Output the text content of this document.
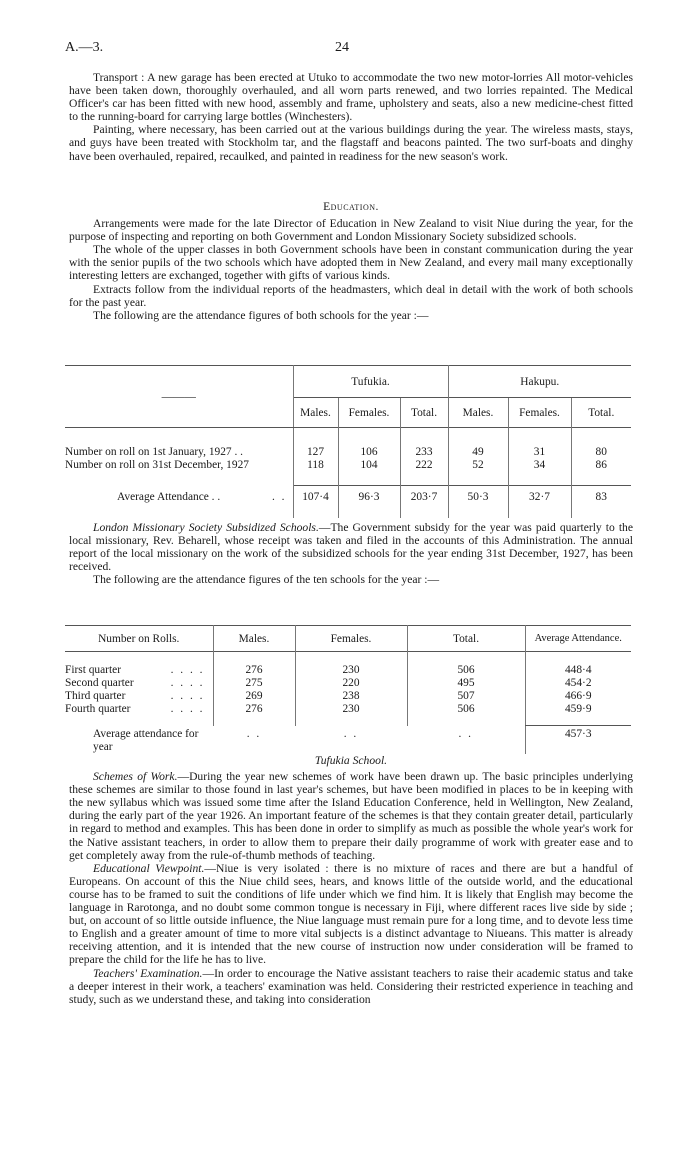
A.—3.	24

Transport : A new garage has been erected at Utuko to accommodate the two new motor-lorries All motor-vehicles have been taken down, thoroughly overhauled, and all worn parts renewed, and two lorries repainted. The Medical Officer's car has been fitted with new hood, assembly and frame, upholstery and seats, also a new medicine-chest fitted to the running-board for carrying large bottles (Winchesters).

Painting, where necessary, has been carried out at the various buildings during the year. The wireless masts, stays, and guys have been treated with Stockholm tar, and the flagstaff and beacons painted. The two surf-boats and dinghy have been overhauled, repaired, recaulked, and painted in readiness for the new season's work.

Education.

Arrangements were made for the late Director of Education in New Zealand to visit Niue during the year, for the purpose of inspecting and reporting on both Government and London Missionary Society subsidized schools.

The whole of the upper classes in both Government schools have been in constant communication during the year with the senior pupils of the two schools which have adopted them in New Zealand, and every mail many exceptionally interesting letters are exchanged, together with gifts of various kinds.

Extracts follow from the individual reports of the headmasters, which deal in detail with the work of both schools for the past year.

The following are the attendance figures of both schools for the year :—

———	Tufukia.			Hakupu.		
	Males.	Females.	Total.	Males.	Females.	Total.

Number on roll on 1st January, 1927 . .	127	106	233	49	31	80
Number on roll on 31st December, 1927	118	104	222	52	34	86

Average Attendance . . . .	107·4	96·3	203·7	50·3	32·7	83

London Missionary Society Subsidized Schools.—The Government subsidy for the year was paid quarterly to the local missionary, Rev. Beharell, whose receipt was taken and filed in the accounts of this Administration. The annual report of the local missionary on the work of the subsidized schools for the year ending 31st December, 1927, has been received.

The following are the attendance figures of the ten schools for the year :—

Number on Rolls.	Males.	Females.	Total.	Average Attendance.

First quarter . . . .	276	230	506	448·4
Second quarter . . . .	275	220	495	454·2
Third quarter . . . .	269	238	507	466·9
Fourth quarter . . . .	276	230	506	459·9

Average attendance for year	. .	. .	. .	457·3

Tufukia School.

Schemes of Work.—During the year new schemes of work have been drawn up. The basic principles underlying these schemes are similar to those found in last year's schemes, but have been modified in places to be in keeping with the new syllabus which was issued some time after the Island Education Conference, held in Wellington, New Zealand, during the early part of the year 1926. An important feature of the schemes is that they contain greater detail, particularly in regard to method and examples. This has been done in order to simplify as much as possible the whole year's work for the Native assistant teachers, in order to allow them to prepare their daily programme of work with greater ease and to get completely away from the rule-of-thumb methods of teaching.

Educational Viewpoint.—Niue is very isolated : there is no mixture of races and there are but a handful of Europeans. On account of this the Niue child sees, hears, and knows little of the outside world, and the educational course has to be framed to suit the conditions of life under which we find him. It is likely that English may become the language in Rarotonga, and no doubt some common tongue is necessary in Fiji, where different races live side by side ; but, on account of so little outside influence, the Niue language must remain pure for a long time, and to devote less time to English and a greater amount of time to more vital subjects is a distinct advantage to Niueans. This matter is already receiving attention, and it is intended that the new course of instruction now under consideration will be framed to prepare the child for the life he has to live.

Teachers' Examination.—In order to encourage the Native assistant teachers to raise their academic status and take a deeper interest in their work, a teachers' examination was held. Considering their restricted experience in teaching and study, such as we understand these, and taking into consideration
